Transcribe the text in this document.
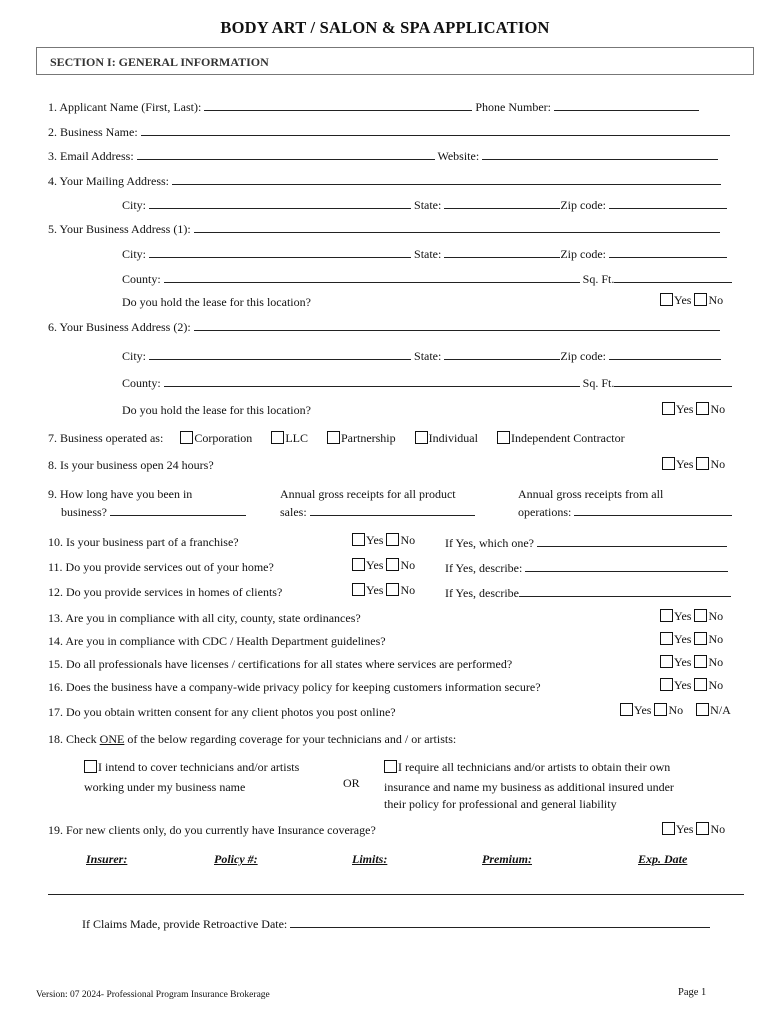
BODY ART / SALON & SPA APPLICATION
SECTION I: GENERAL INFORMATION
1. Applicant Name (First, Last):	Phone Number:
2. Business Name:
3. Email Address:	Website:
4. Your Mailing Address:
City:	State:	Zip code:
5. Your Business Address (1):
City:	State:	Zip code:
County:	Sq. Ft.
Do you hold the lease for this location?	Yes No
6. Your Business Address (2):
City:	State:	Zip code:
County:	Sq. Ft.
Do you hold the lease for this location?	Yes No
7. Business operated as:	Corporation	LLC	Partnership	Individual	Independent Contractor
8. Is your business open 24 hours?	Yes No
9. How long have you been in
business?
Annual gross receipts for all product
sales:
Annual gross receipts from all
operations:
10. Is your business part of a franchise?	Yes No If Yes, which one?
11. Do you provide services out of your home?	Yes No If Yes, describe:
12. Do you provide services in homes of clients?	Yes No If Yes, describe
13. Are you in compliance with all city, county, state ordinances?	Yes No
14. Are you in compliance with CDC / Health Department guidelines?	Yes No
15. Do all professionals have licenses / certifications for all states where services are performed?	Yes No
16. Does the business have a company-wide privacy policy for keeping customers information secure?	Yes No
17. Do you obtain written consent for any client photos you post online?	Yes No N/A
18. Check ONE of the below regarding coverage for your technicians and / or artists:
I intend to cover technicians and/or artists
working under my business name	OR
I require all technicians and/or artists to obtain their own
insurance and name my business as additional insured under
their policy for professional and general liability
19. For new clients only, do you currently have Insurance coverage?	Yes No
Insurer:	Policy #:	Limits:	Premium:	Exp. Date
If Claims Made, provide Retroactive Date:
Version: 07 2024- Professional Program Insurance Brokerage	Page 1
